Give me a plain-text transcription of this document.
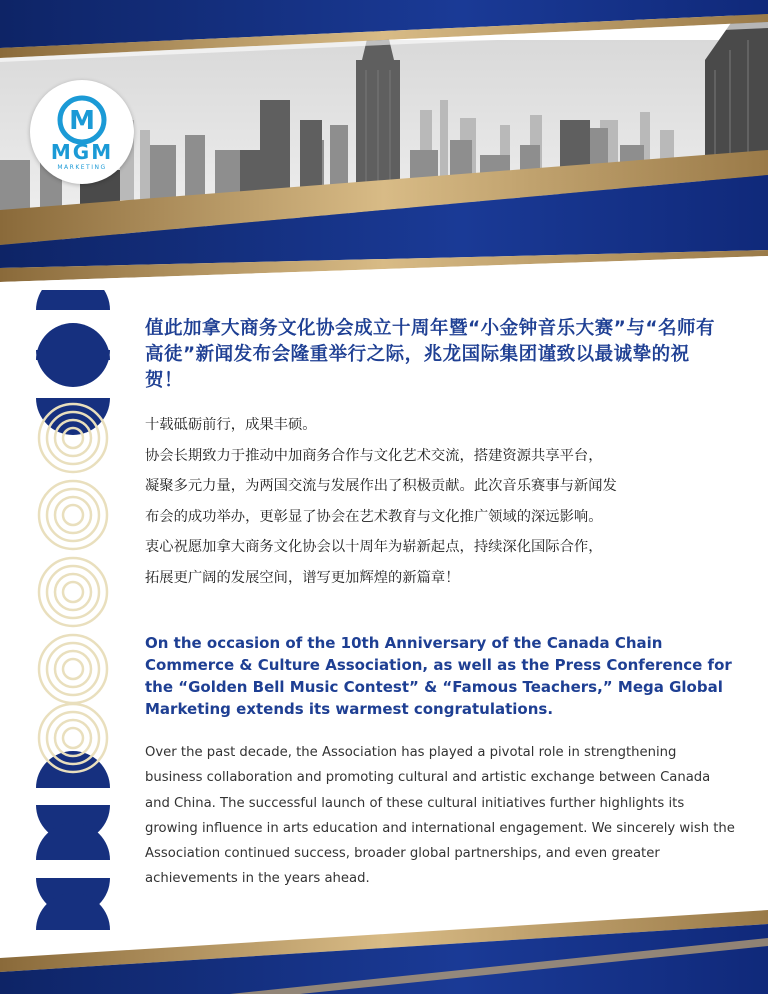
M
MGM
MARKETING
值此加拿大商务文化协会成立十周年暨“小金钟音乐大赛”与“名师有高徒”新闻发布会隆重举行之际，兆龙国际集团谨致以最诚挚的祝贺！

十载砥砺前行，成果丰硕。

协会长期致力于推动中加商务合作与文化艺术交流，搭建资源共享平台，

凝聚多元力量，为两国交流与发展作出了积极贡献。此次音乐赛事与新闻发

布会的成功举办，更彰显了协会在艺术教育与文化推广领域的深远影响。

衷心祝愿加拿大商务文化协会以十周年为崭新起点，持续深化国际合作，

拓展更广阔的发展空间，谱写更加辉煌的新篇章！

On the occasion of the 10th Anniversary of the Canada Chain Commerce & Culture Association, as well as the Press Conference for the “Golden Bell Music Contest” & “Famous Teachers,” Mega Global Marketing extends its warmest congratulations.

Over the past decade, the Association has played a pivotal role in strengthening business collaboration and promoting cultural and artistic exchange between Canada and China. The successful launch of these cultural initiatives further highlights its growing influence in arts education and international engagement. We sincerely wish the Association continued success, broader global partnerships, and even greater achievements in the years ahead.
